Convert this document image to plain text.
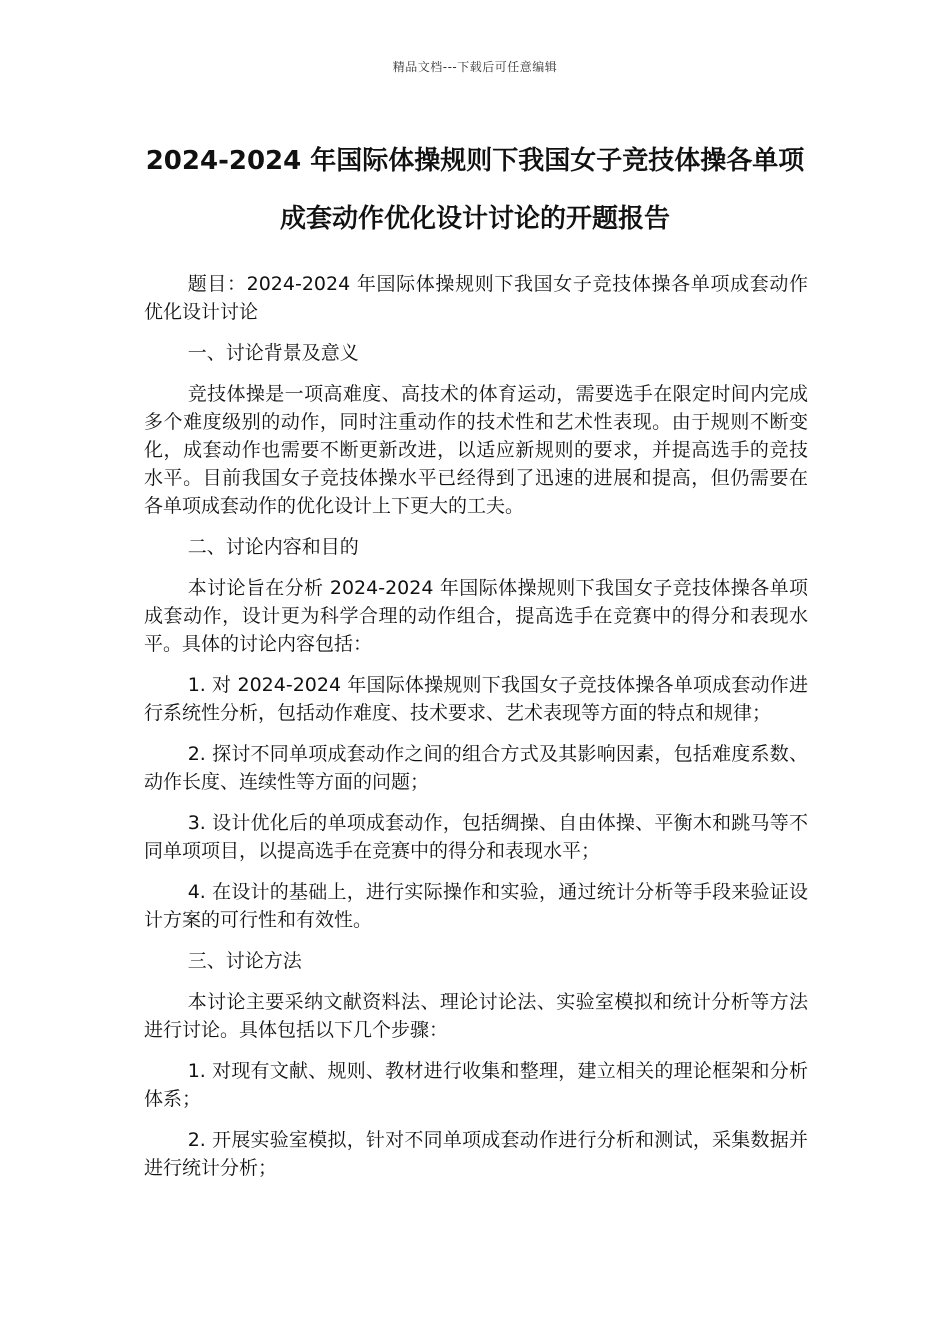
精品文档---下载后可任意编辑
2024-2024 年国际体操规则下我国女子竞技体操各单项成套动作优化设计讨论的开题报告

题目：2024-2024 年国际体操规则下我国女子竞技体操各单项成套动作优化设计讨论

一、讨论背景及意义

竞技体操是一项高难度、高技术的体育运动，需要选手在限定时间内完成多个难度级别的动作，同时注重动作的技术性和艺术性表现。由于规则不断变化，成套动作也需要不断更新改进，以适应新规则的要求，并提高选手的竞技水平。目前我国女子竞技体操水平已经得到了迅速的进展和提高，但仍需要在各单项成套动作的优化设计上下更大的工夫。

二、讨论内容和目的

本讨论旨在分析 2024-2024 年国际体操规则下我国女子竞技体操各单项成套动作，设计更为科学合理的动作组合，提高选手在竞赛中的得分和表现水平。具体的讨论内容包括：

1. 对 2024-2024 年国际体操规则下我国女子竞技体操各单项成套动作进行系统性分析，包括动作难度、技术要求、艺术表现等方面的特点和规律；

2. 探讨不同单项成套动作之间的组合方式及其影响因素，包括难度系数、动作长度、连续性等方面的问题；

3. 设计优化后的单项成套动作，包括绸操、自由体操、平衡木和跳马等不同单项项目，以提高选手在竞赛中的得分和表现水平；

4. 在设计的基础上，进行实际操作和实验，通过统计分析等手段来验证设计方案的可行性和有效性。

三、讨论方法

本讨论主要采纳文献资料法、理论讨论法、实验室模拟和统计分析等方法进行讨论。具体包括以下几个步骤：

1. 对现有文献、规则、教材进行收集和整理，建立相关的理论框架和分析体系；

2. 开展实验室模拟，针对不同单项成套动作进行分析和测试，采集数据并进行统计分析；
